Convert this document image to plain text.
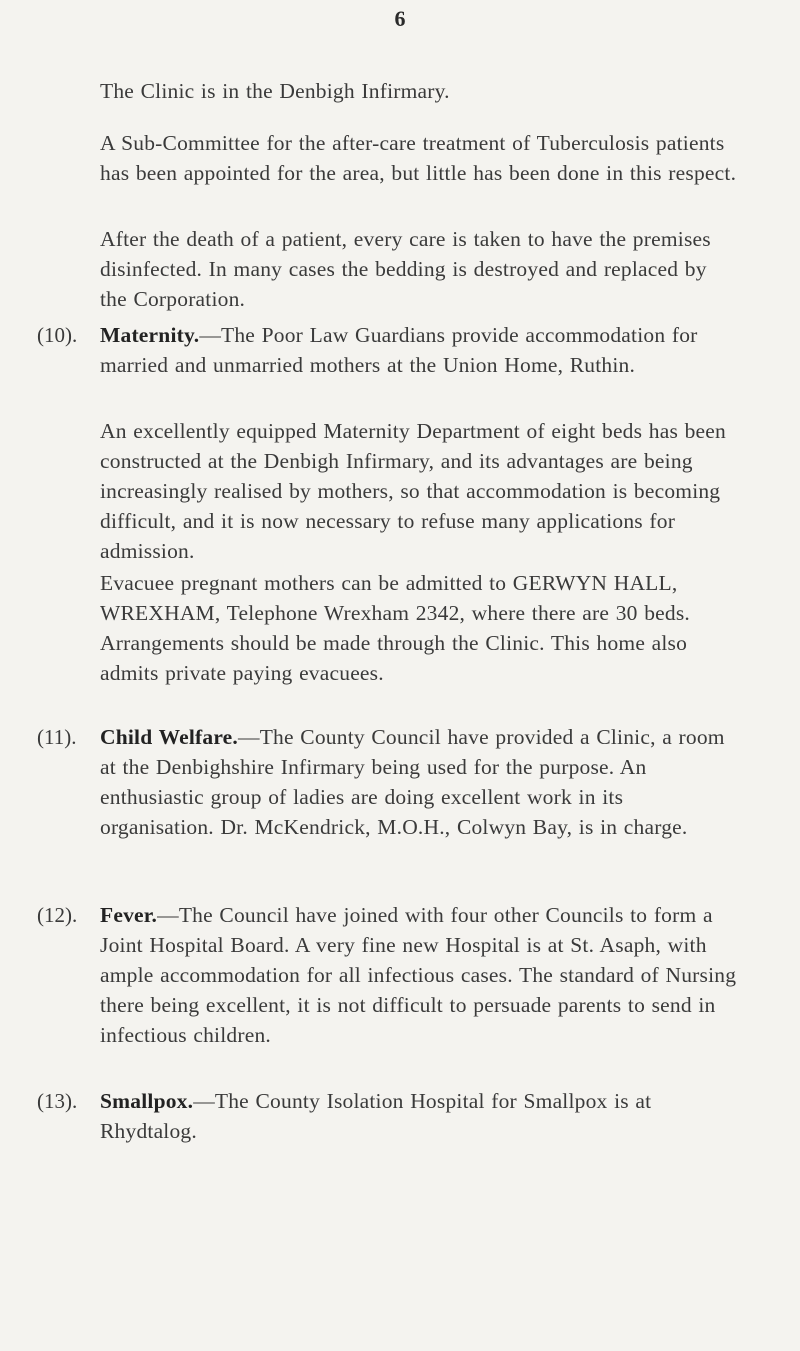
6
The Clinic is in the Denbigh Infirmary.
A Sub-Committee for the after-care treatment of Tuberculosis patients has been appointed for the area, but little has been done in this respect.
After the death of a patient, every care is taken to have the premises disinfected. In many cases the bedding is destroyed and replaced by the Corporation.
(10). Maternity.—The Poor Law Guardians provide accommodation for married and unmarried mothers at the Union Home, Ruthin.
An excellently equipped Maternity Department of eight beds has been constructed at the Denbigh Infirmary, and its advantages are being increasingly realised by mothers, so that accommodation is becoming difficult, and it is now necessary to refuse many applications for admission.
Evacuee pregnant mothers can be admitted to GERWYN HALL, WREXHAM, Telephone Wrexham 2342, where there are 30 beds. Arrangements should be made through the Clinic. This home also admits private paying evacuees.
(11). Child Welfare.—The County Council have provided a Clinic, a room at the Denbighshire Infirmary being used for the purpose. An enthusiastic group of ladies are doing excellent work in its organisation. Dr. McKendrick, M.O.H., Colwyn Bay, is in charge.
(12). Fever.—The Council have joined with four other Councils to form a Joint Hospital Board. A very fine new Hospital is at St. Asaph, with ample accommodation for all infectious cases. The standard of Nursing there being excellent, it is not difficult to persuade parents to send in infectious children.
(13). Smallpox.—The County Isolation Hospital for Smallpox is at Rhydtalog.
